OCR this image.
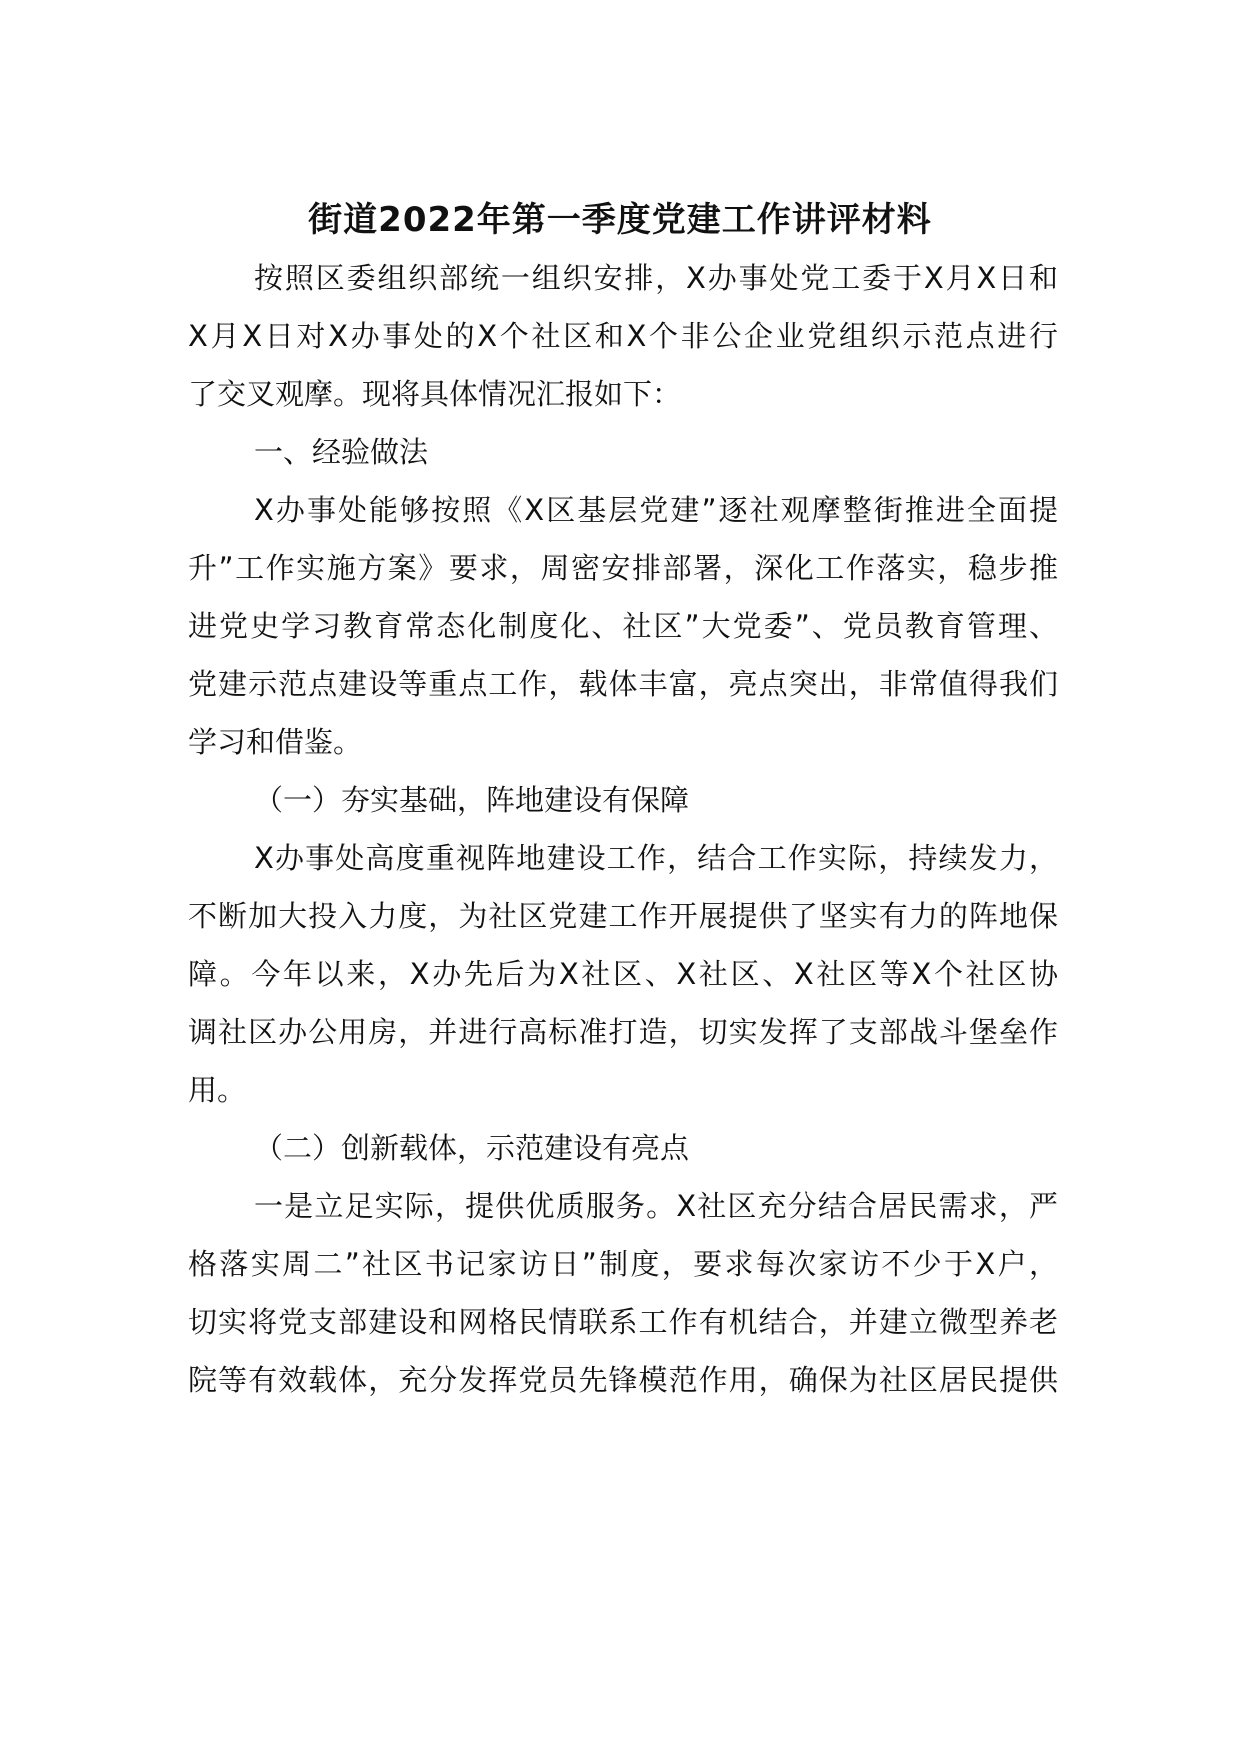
街道2022年第一季度党建工作讲评材料

按照区委组织部统一组织安排，X办事处党工委于X月X日和

X月X日对X办事处的X个社区和X个非公企业党组织示范点进行

了交叉观摩。现将具体情况汇报如下：

一、经验做法

X办事处能够按照《X区基层党建”逐社观摩整街推进全面提

升”工作实施方案》要求，周密安排部署，深化工作落实，稳步推

进党史学习教育常态化制度化、社区”大党委”、党员教育管理、

党建示范点建设等重点工作，载体丰富，亮点突出，非常值得我们

学习和借鉴。

（一）夯实基础，阵地建设有保障

X办事处高度重视阵地建设工作，结合工作实际，持续发力，

不断加大投入力度，为社区党建工作开展提供了坚实有力的阵地保

障。今年以来，X办先后为X社区、X社区、X社区等X个社区协

调社区办公用房，并进行高标准打造，切实发挥了支部战斗堡垒作

用。

（二）创新载体，示范建设有亮点

一是立足实际，提供优质服务。X社区充分结合居民需求，严

格落实周二”社区书记家访日”制度，要求每次家访不少于X户，

切实将党支部建设和网格民情联系工作有机结合，并建立微型养老

院等有效载体，充分发挥党员先锋模范作用，确保为社区居民提供
